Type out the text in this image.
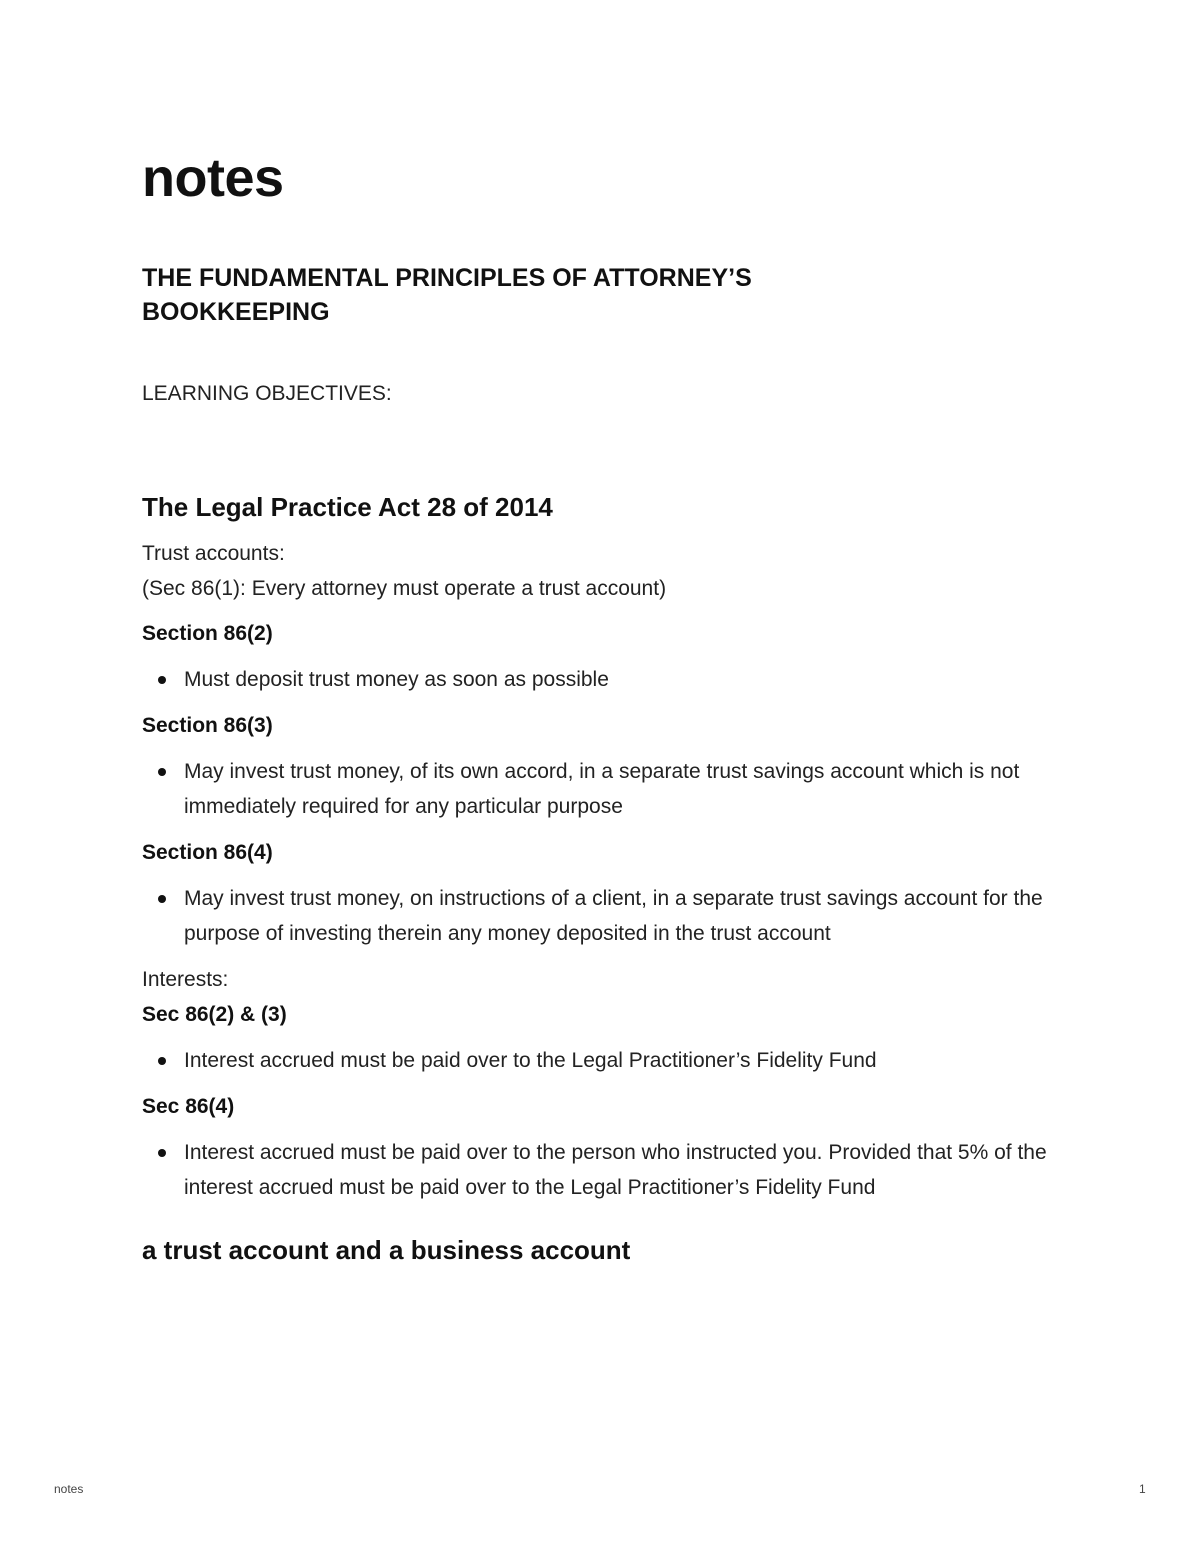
notes
THE FUNDAMENTAL PRINCIPLES OF ATTORNEY’S BOOKKEEPING

LEARNING OBJECTIVES:

The Legal Practice Act 28 of 2014

Trust accounts:

(Sec 86(1): Every attorney must operate a trust account)

Section 86(2)

Must deposit trust money as soon as possible

Section 86(3)

May invest trust money, of its own accord, in a separate trust savings account which is not immediately required for any particular purpose

Section 86(4)

May invest trust money, on instructions of a client, in a separate trust savings account for the purpose of investing therein any money deposited in the trust account

Interests:

Sec 86(2) & (3)

Interest accrued must be paid over to the Legal Practitioner’s Fidelity Fund

Sec 86(4)

Interest accrued must be paid over to the person who instructed you. Provided that 5% of the interest accrued must be paid over to the Legal Practitioner’s Fidelity Fund
a trust account and a business account
notes	1
